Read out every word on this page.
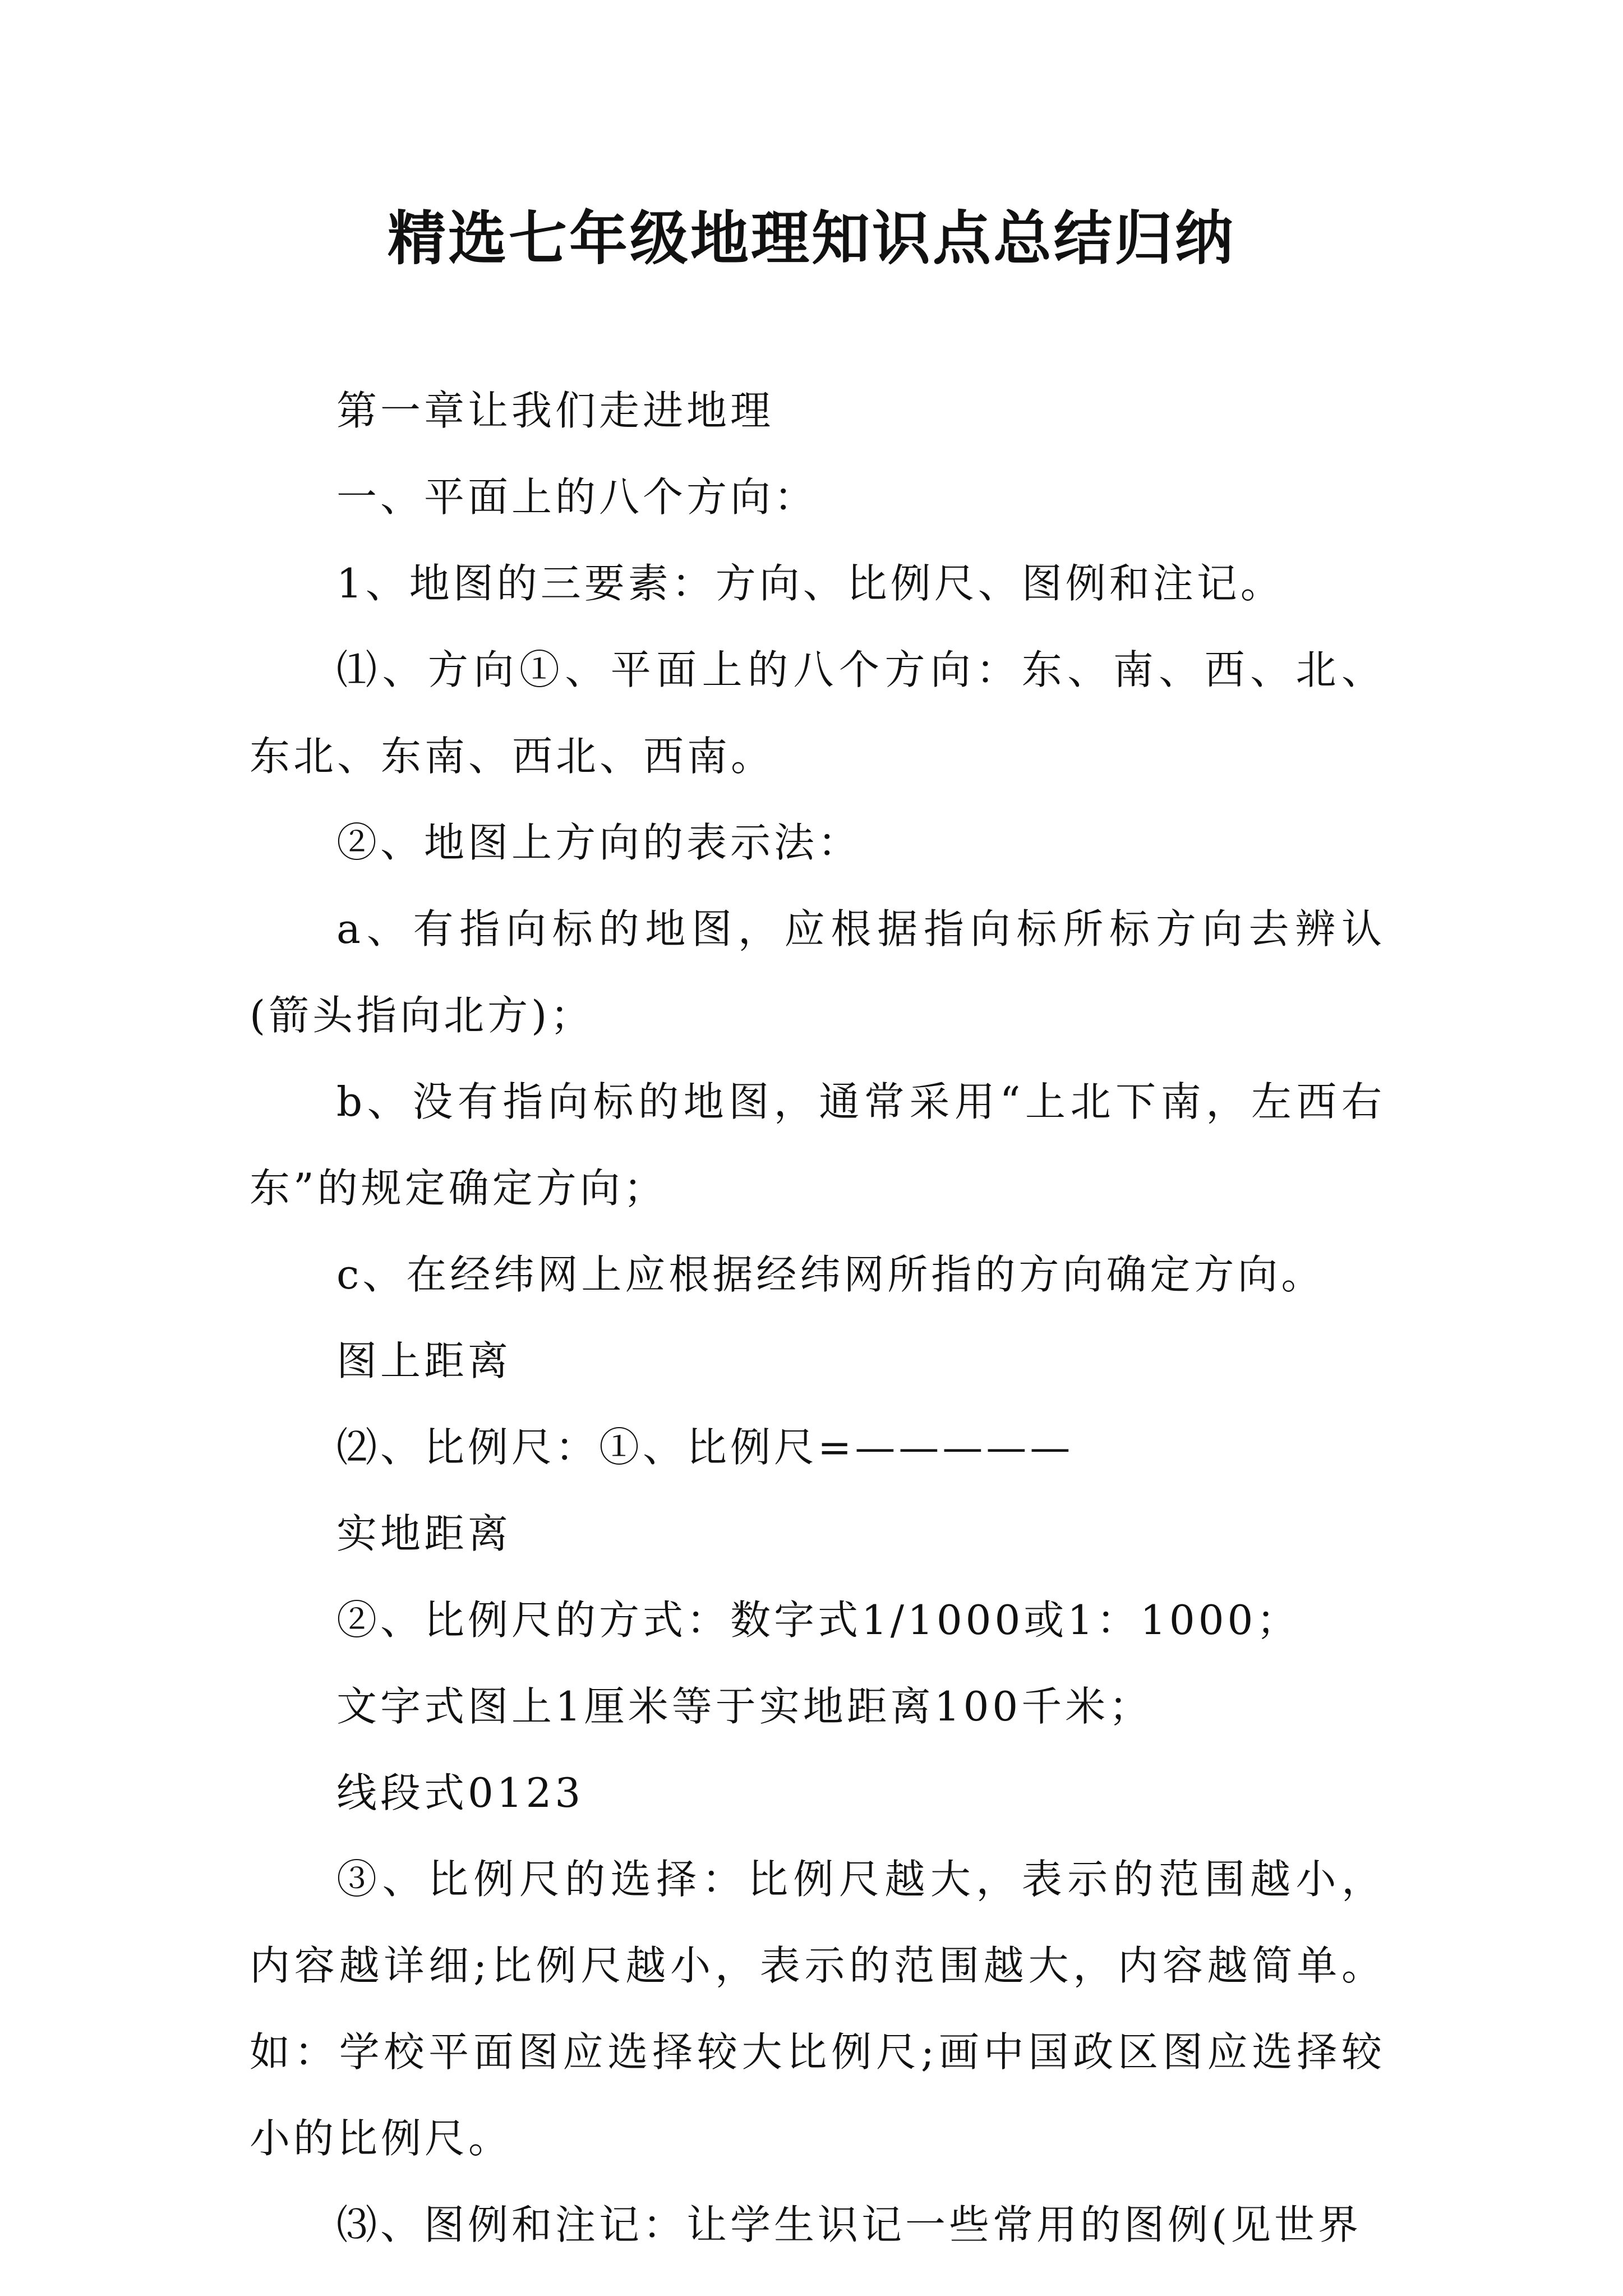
精选七年级地理知识点总结归纳

第一章让我们走进地理

一、平面上的八个方向：

1、地图的三要素：方向、比例尺、图例和注记。

⑴、方向①、平面上的八个方向：东、南、西、北、东北、东南、西北、西南。

②、地图上方向的表示法：

a、有指向标的地图，应根据指向标所标方向去辨认(箭头指向北方)；

b、没有指向标的地图，通常采用“上北下南，左西右东”的规定确定方向；

c、在经纬网上应根据经纬网所指的方向确定方向。

图上距离

⑵、比例尺：①、比例尺=—————

实地距离

②、比例尺的方式：数字式1/1000或1：1000；

文字式图上1厘米等于实地距离100千米；

线段式0123

③、比例尺的选择：比例尺越大，表示的范围越小，内容越详细;比例尺越小，表示的范围越大，内容越简单。如：学校平面图应选择较大比例尺;画中国政区图应选择较小的比例尺。

⑶、图例和注记：让学生识记一些常用的图例(见世界
